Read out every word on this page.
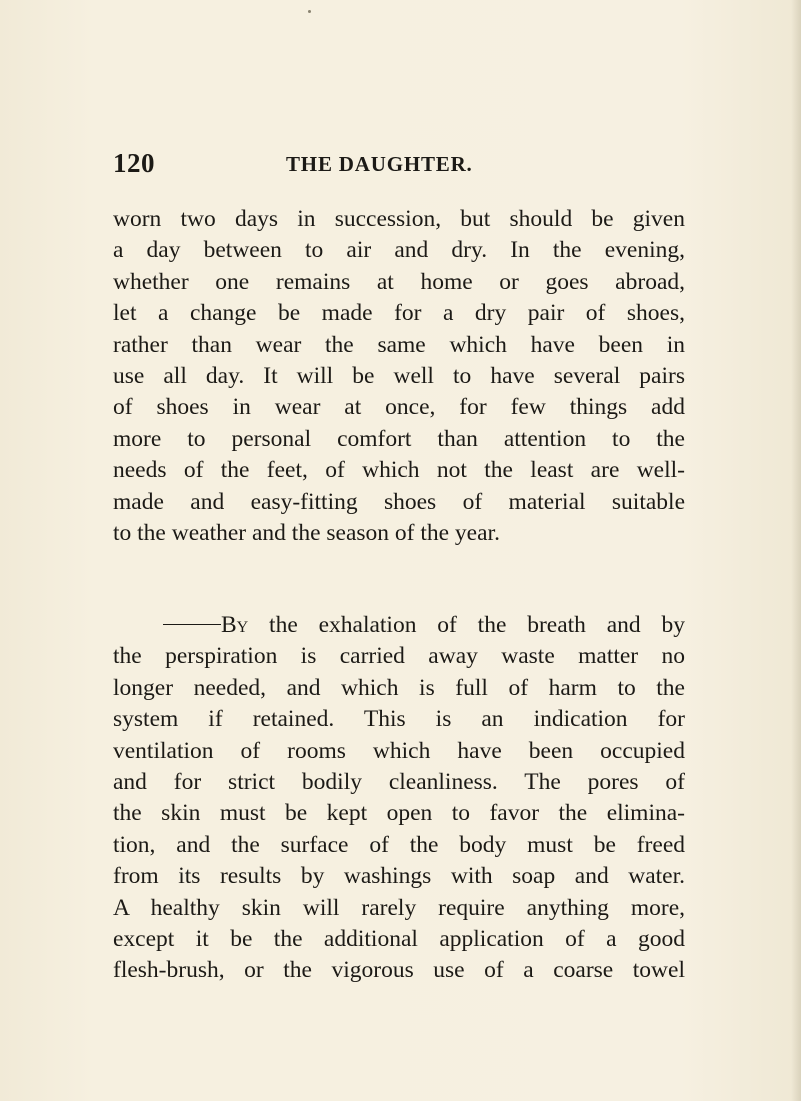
120	THE DAUGHTER.
worn two days in succession, but should be given
a day between to air and dry. In the evening,
whether one remains at home or goes abroad,
let a change be made for a dry pair of shoes,
rather than wear the same which have been in
use all day. It will be well to have several pairs
of shoes in wear at once, for few things add
more to personal comfort than attention to the
needs of the feet, of which not the least are well-
made and easy-fitting shoes of material suitable
to the weather and the season of the year.
By the exhalation of the breath and by
the perspiration is carried away waste matter no
longer needed, and which is full of harm to the
system if retained. This is an indication for
ventilation of rooms which have been occupied
and for strict bodily cleanliness. The pores of
the skin must be kept open to favor the elimina-
tion, and the surface of the body must be freed
from its results by washings with soap and water.
A healthy skin will rarely require anything more,
except it be the additional application of a good
flesh-brush, or the vigorous use of a coarse towel
